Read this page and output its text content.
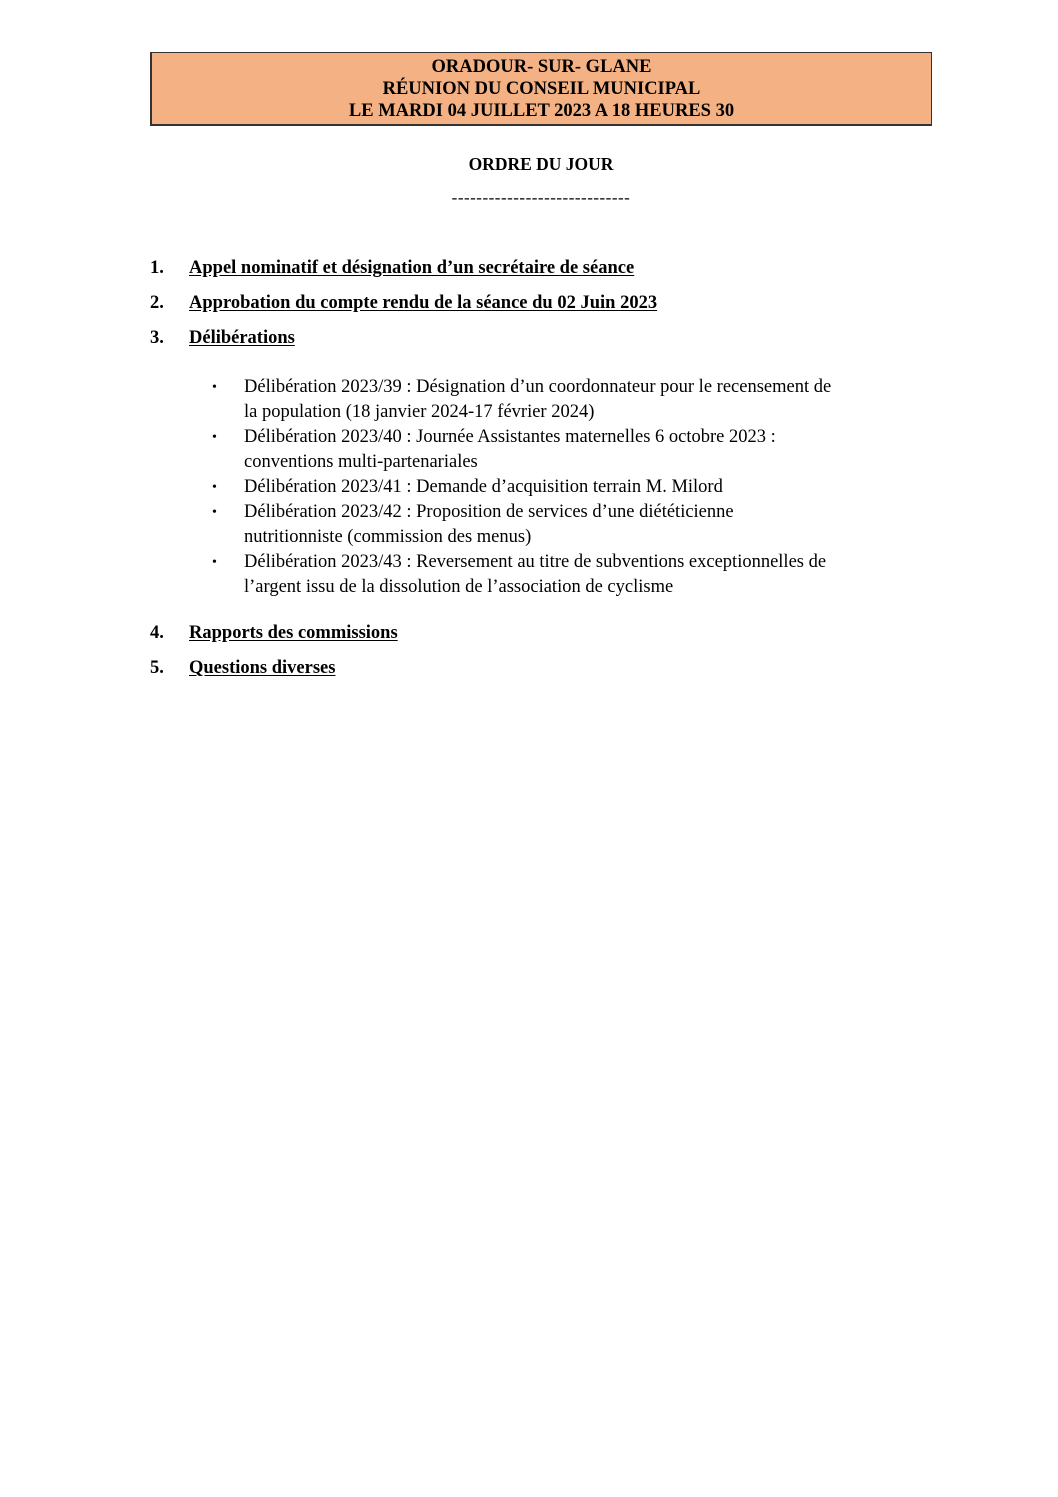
ORADOUR- SUR- GLANE
RÉUNION DU CONSEIL MUNICIPAL
LE MARDI 04 JUILLET 2023 A 18 HEURES 30
ORDRE DU JOUR
-----------------------------
1. Appel nominatif et désignation d’un secrétaire de séance
2. Approbation du compte rendu de la séance du 02 Juin 2023
3. Délibérations
• Délibération 2023/39 : Désignation d’un coordonnateur pour le recensement de
la population (18 janvier 2024-17 février 2024)
• Délibération 2023/40 : Journée Assistantes maternelles 6 octobre 2023 :
conventions multi-partenariales
• Délibération 2023/41 : Demande d’acquisition terrain M. Milord
• Délibération 2023/42 : Proposition de services d’une diététicienne
nutritionniste (commission des menus)
• Délibération 2023/43 : Reversement au titre de subventions exceptionnelles de
l’argent issu de la dissolution de l’association de cyclisme
4. Rapports des commissions
5. Questions diverses
